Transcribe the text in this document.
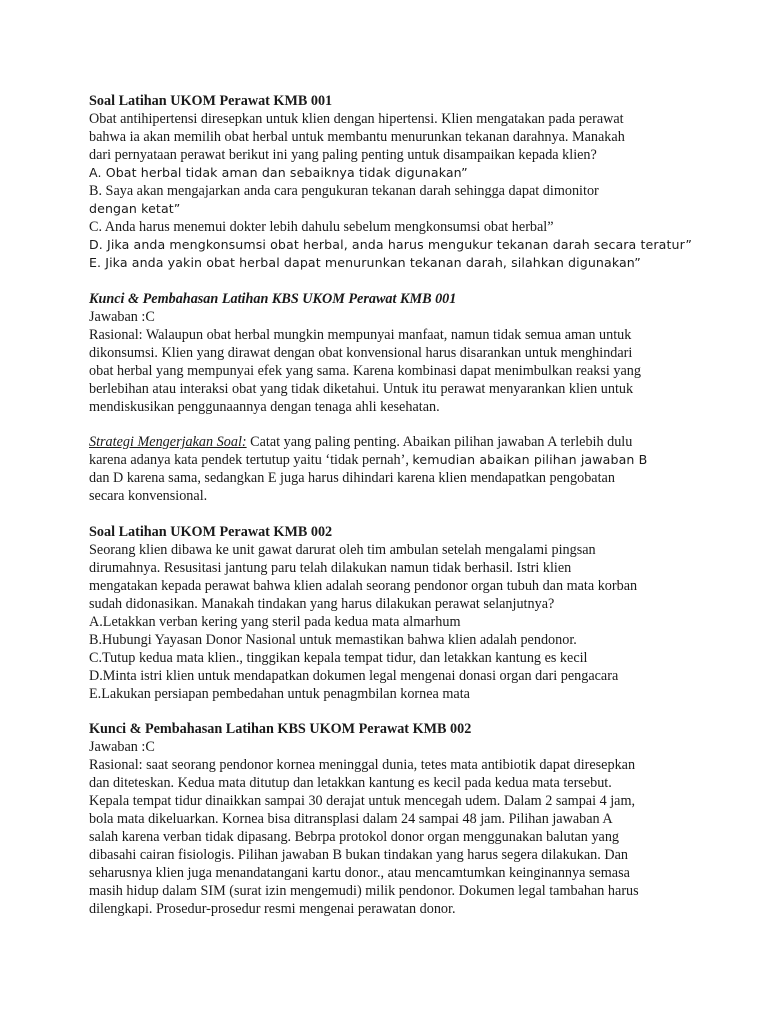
Soal Latihan UKOM Perawat KMB 001
Obat antihipertensi diresepkan untuk klien dengan hipertensi. Klien mengatakan pada perawat
bahwa ia akan memilih obat herbal untuk membantu menurunkan tekanan darahnya. Manakah
dari pernyataan perawat berikut ini yang paling penting untuk disampaikan kepada klien?
A. Obat herbal tidak aman dan sebaiknya tidak digunakan”
B. Saya akan mengajarkan anda cara pengukuran tekanan darah sehingga dapat dimonitor
dengan ketat”
C. Anda harus menemui dokter lebih dahulu sebelum mengkonsumsi obat herbal”
D. Jika anda mengkonsumsi obat herbal, anda harus mengukur tekanan darah secara teratur”
E. Jika anda yakin obat herbal dapat menurunkan tekanan darah, silahkan digunakan”
Kunci & Pembahasan Latihan KBS UKOM Perawat KMB 001
Jawaban :C
Rasional: Walaupun obat herbal mungkin mempunyai manfaat, namun tidak semua aman untuk
dikonsumsi. Klien yang dirawat dengan obat konvensional harus disarankan untuk menghindari
obat herbal yang mempunyai efek yang sama. Karena kombinasi dapat menimbulkan reaksi yang
berlebihan atau interaksi obat yang tidak diketahui. Untuk itu perawat menyarankan klien untuk
mendiskusikan penggunaannya dengan tenaga ahli kesehatan.
Strategi Mengerjakan Soal: Catat yang paling penting. Abaikan pilihan jawaban A terlebih dulu
karena adanya kata pendek tertutup yaitu ‘tidak pernah’, kemudian abaikan pilihan jawaban B
dan D karena sama, sedangkan E juga harus dihindari karena klien mendapatkan pengobatan
secara konvensional.
Soal Latihan UKOM Perawat KMB 002
Seorang klien dibawa ke unit gawat darurat oleh tim ambulan setelah mengalami pingsan
dirumahnya. Resusitasi jantung paru telah dilakukan namun tidak berhasil. Istri klien
mengatakan kepada perawat bahwa klien adalah seorang pendonor organ tubuh dan mata korban
sudah didonasikan. Manakah tindakan yang harus dilakukan perawat selanjutnya?
A.Letakkan verban kering yang steril pada kedua mata almarhum
B.Hubungi Yayasan Donor Nasional untuk memastikan bahwa klien adalah pendonor.
C.Tutup kedua mata klien., tinggikan kepala tempat tidur, dan letakkan kantung es kecil
D.Minta istri klien untuk mendapatkan dokumen legal mengenai donasi organ dari pengacara
E.Lakukan persiapan pembedahan untuk penagmbilan kornea mata
Kunci & Pembahasan Latihan KBS UKOM Perawat KMB 002
Jawaban :C
Rasional: saat seorang pendonor kornea meninggal dunia, tetes mata antibiotik dapat diresepkan
dan diteteskan. Kedua mata ditutup dan letakkan kantung es kecil pada kedua mata tersebut.
Kepala tempat tidur dinaikkan sampai 30 derajat untuk mencegah udem. Dalam 2 sampai 4 jam,
bola mata dikeluarkan. Kornea bisa ditransplasi dalam 24 sampai 48 jam. Pilihan jawaban A
salah karena verban tidak dipasang. Bebrpa protokol donor organ menggunakan balutan yang
dibasahi cairan fisiologis. Pilihan jawaban B bukan tindakan yang harus segera dilakukan. Dan
seharusnya klien juga menandatangani kartu donor., atau mencamtumkan keinginannya semasa
masih hidup dalam SIM (surat izin mengemudi) milik pendonor. Dokumen legal tambahan harus
dilengkapi. Prosedur-prosedur resmi mengenai perawatan donor.
